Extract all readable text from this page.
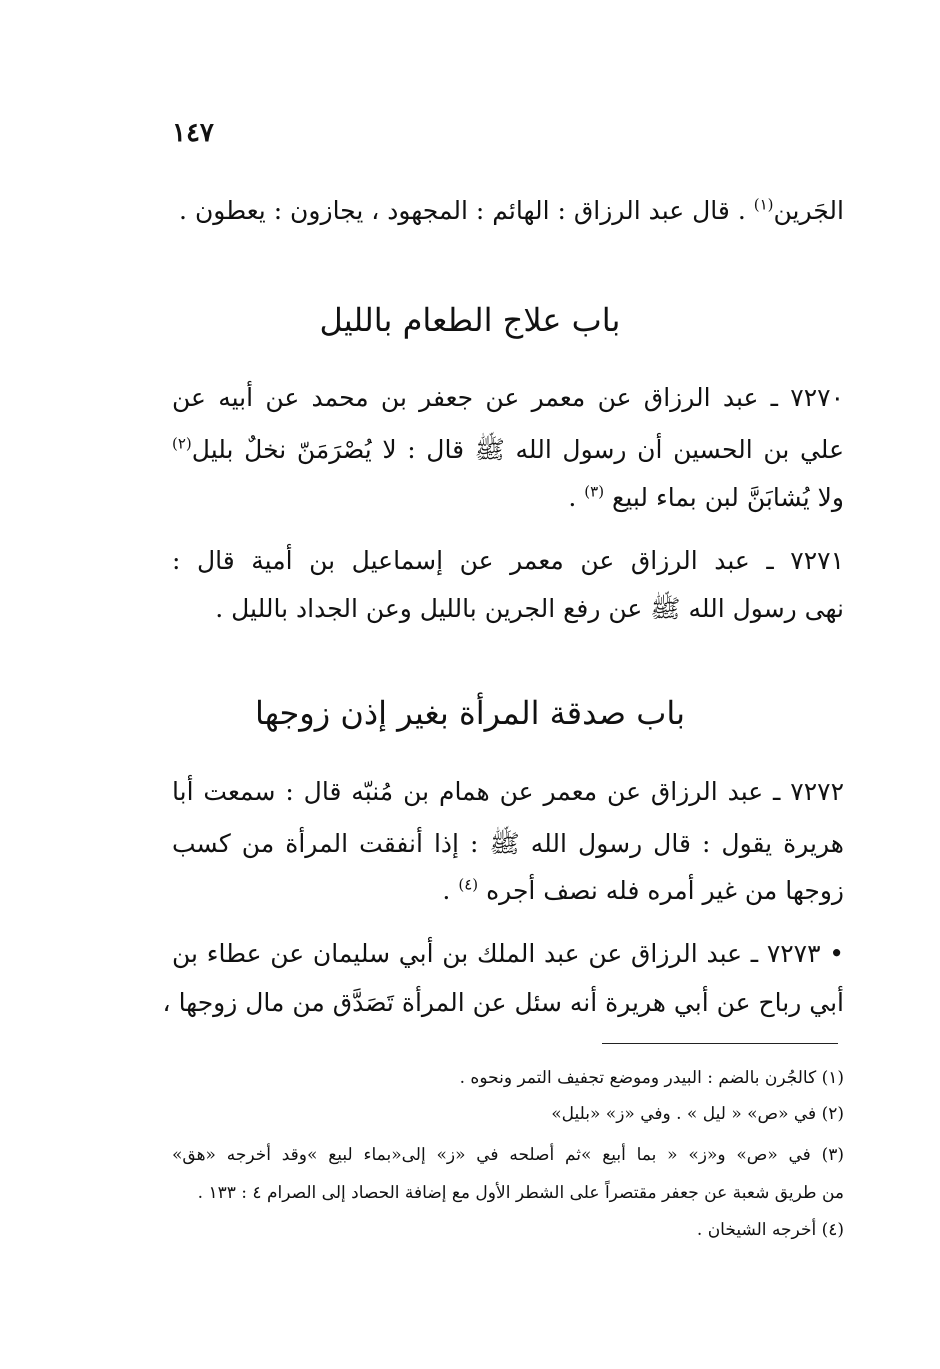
١٤٧
الجَرين$^{(١)}$ . قال عبد الرزاق : الهائم : المجهود ، يجازون : يعطون .
باب علاج الطعام بالليل
٧٢٧٠ ـ عبد الرزاق عن معمر عن جعفر بن محمد عن أبيه عن
علي بن الحسين أن رسول الله ﷺ قال : لا يُصْرَمَنّ نخلٌ بليل$^{(٢)}$
ولا يُشابَنَّ لبن بماء لبيع $^{(٣)}$ .
٧٢٧١ ـ عبد الرزاق عن معمر عن إسماعيل بن أمية قال :
نهى رسول الله ﷺ عن رفع الجرين بالليل وعن الجداد بالليل .
باب صدقة المرأة بغير إذن زوجها
٧٢٧٢ ـ عبد الرزاق عن معمر عن همام بن مُنبّه قال : سمعت أبا
هريرة يقول : قال رسول الله ﷺ : إذا أنفقت المرأة من كسب
زوجها من غير أمره فله نصف أجره $^{(٤)}$ .
• ٧٢٧٣ ـ عبد الرزاق عن عبد الملك بن أبي سليمان عن عطاء بن
أبي رباح عن أبي هريرة أنه سئل عن المرأة تَصَدَّق من مال زوجها ،
(١) كالجُرن بالضم : البيدر وموضع تجفيف التمر ونحوه .
(٢) في «ص» « ليل » . وفي «ز» «بليل»
(٣) في «ص» و«ز» « بما أبيع »ثم أصلحه في «ز» إلى«بماء لبيع »وقد أخرجه «هق»
من طريق شعبة عن جعفر مقتصراً على الشطر الأول مع إضافة الحصاد إلى الصرام ٤ : ١٣٣ .
(٤) أخرجه الشيخان .
